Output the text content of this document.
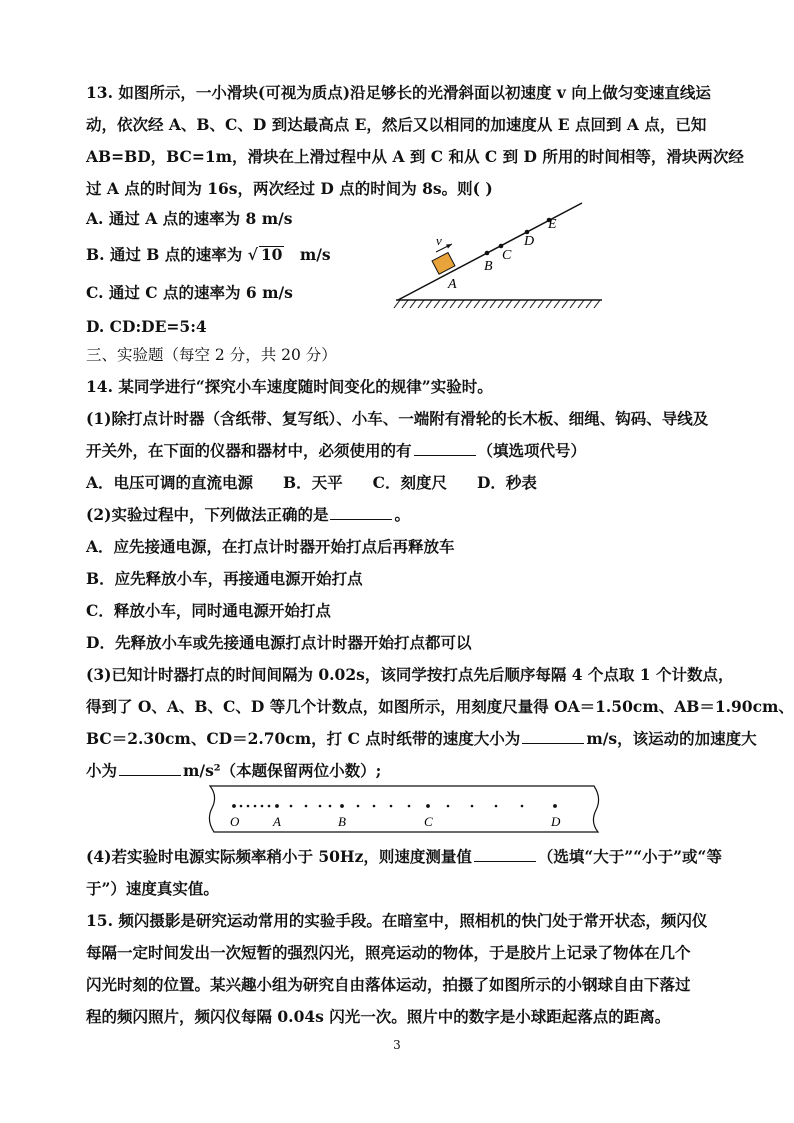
13. 如图所示，一小滑块(可视为质点)沿足够长的光滑斜面以初速度 v 向上做匀变速直线运
动，依次经 A、B、C、D 到达最高点 E，然后又以相同的加速度从 E 点回到 A 点，已知
AB=BD，BC=1m，滑块在上滑过程中从 A 到 C 和从 C 到 D 所用的时间相等，滑块两次经
过 A 点的时间为 16s，两次经过 D 点的时间为 8s。则( )
A. 通过 A 点的速率为 8 m/s
B. 通过 B 点的速率为 √ 10 m/s
C. 通过 C 点的速率为 6 m/s
D. CD:DE=5:4
v
A
B
C
D
E
三、实验题（每空 2 分，共 20 分）
14. 某同学进行“探究小车速度随时间变化的规律”实验时。
(1)除打点计时器（含纸带、复写纸）、小车、一端附有滑轮的长木板、细绳、钩码、导线及
开关外，在下面的仪器和器材中，必须使用的有	（填选项代号）
A．电压可调的直流电源 B．天平 C．刻度尺 D．秒表
(2)实验过程中，下列做法正确的是	。
A．应先接通电源，在打点计时器开始打点后再释放车
B．应先释放小车，再接通电源开始打点
C．释放小车，同时通电源开始打点
D．先释放小车或先接通电源打点计时器开始打点都可以
(3)已知计时器打点的时间间隔为 0.02s，该同学按打点先后顺序每隔 4 个点取 1 个计数点，
得到了 O、A、B、C、D 等几个计数点，如图所示，用刻度尺量得 OA＝1.50cm、AB＝1.90cm、
BC＝2.30cm、CD＝2.70cm，打 C 点时纸带的速度大小为	m/s，该运动的加速度大
小为	m/s²（本题保留两位小数）;
O	A	B	C	D
(4)若实验时电源实际频率稍小于 50Hz，则速度测量值	（选填“大于”“小于”或“等
于”）速度真实值。
15. 频闪摄影是研究运动常用的实验手段。在暗室中，照相机的快门处于常开状态，频闪仪
每隔一定时间发出一次短暂的强烈闪光，照亮运动的物体，于是胶片上记录了物体在几个
闪光时刻的位置。某兴趣小组为研究自由落体运动，拍摄了如图所示的小钢球自由下落过
程的频闪照片，频闪仪每隔 0.04s 闪光一次。照片中的数字是小球距起落点的距离。
3
